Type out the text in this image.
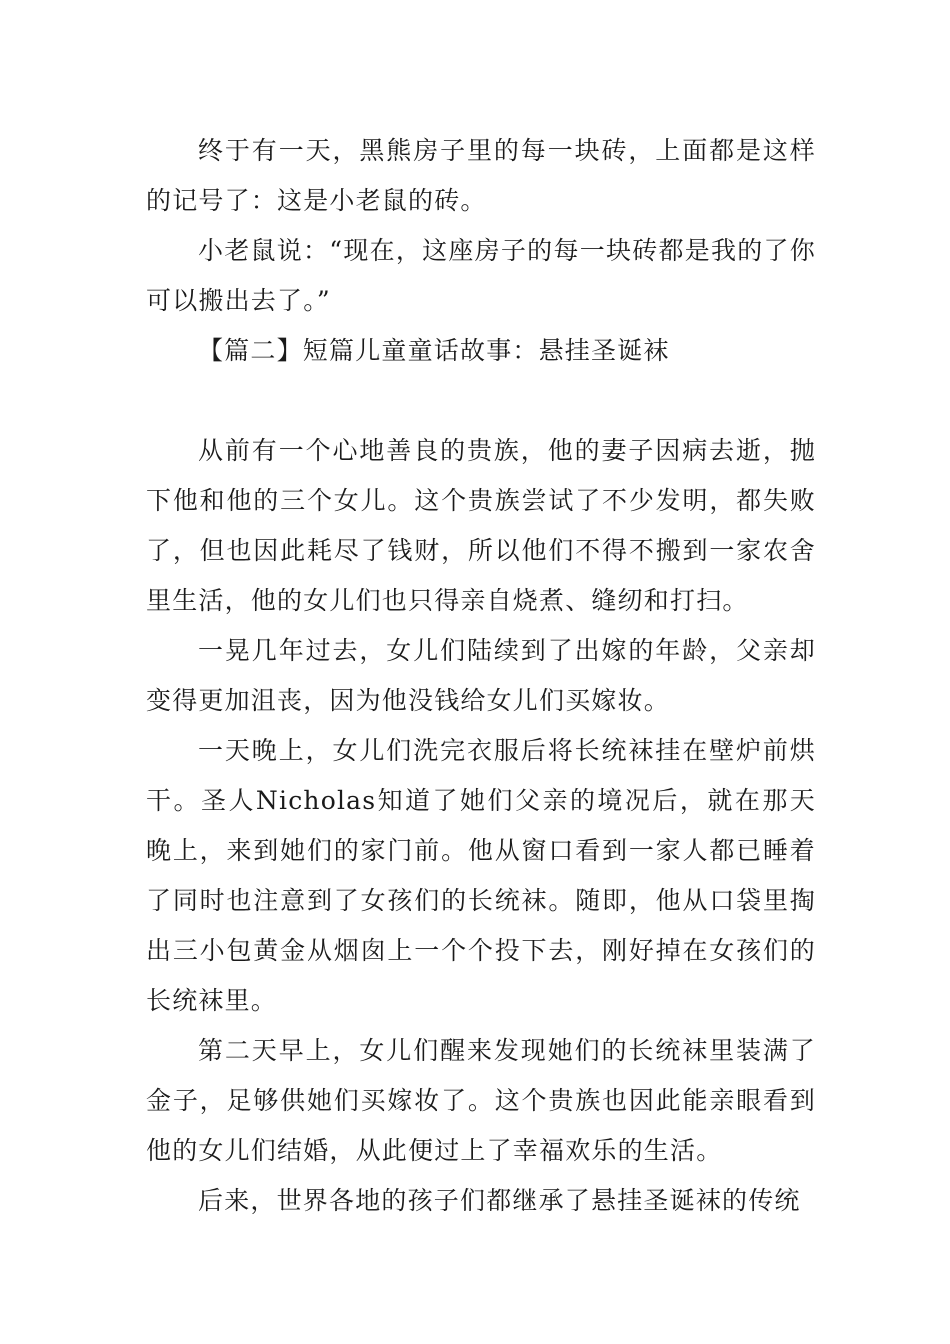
终于有一天，黑熊房子里的每一块砖，上面都是这样的记号了：这是小老鼠的砖。

小老鼠说：“现在，这座房子的每一块砖都是我的了你可以搬出去了。”

【篇二】短篇儿童童话故事：悬挂圣诞袜

从前有一个心地善良的贵族，他的妻子因病去逝，抛下他和他的三个女儿。这个贵族尝试了不少发明，都失败了，但也因此耗尽了钱财，所以他们不得不搬到一家农舍里生活，他的女儿们也只得亲自烧煮、缝纫和打扫。

一晃几年过去，女儿们陆续到了出嫁的年龄，父亲却变得更加沮丧，因为他没钱给女儿们买嫁妆。

一天晚上，女儿们洗完衣服后将长统袜挂在壁炉前烘干。圣人Nicholas知道了她们父亲的境况后，就在那天晚上，来到她们的家门前。他从窗口看到一家人都已睡着了同时也注意到了女孩们的长统袜。随即，他从口袋里掏出三小包黄金从烟囱上一个个投下去，刚好掉在女孩们的长统袜里。

第二天早上，女儿们醒来发现她们的长统袜里装满了金子，足够供她们买嫁妆了。这个贵族也因此能亲眼看到他的女儿们结婚，从此便过上了幸福欢乐的生活。

后来，世界各地的孩子们都继承了悬挂圣诞袜的传统
